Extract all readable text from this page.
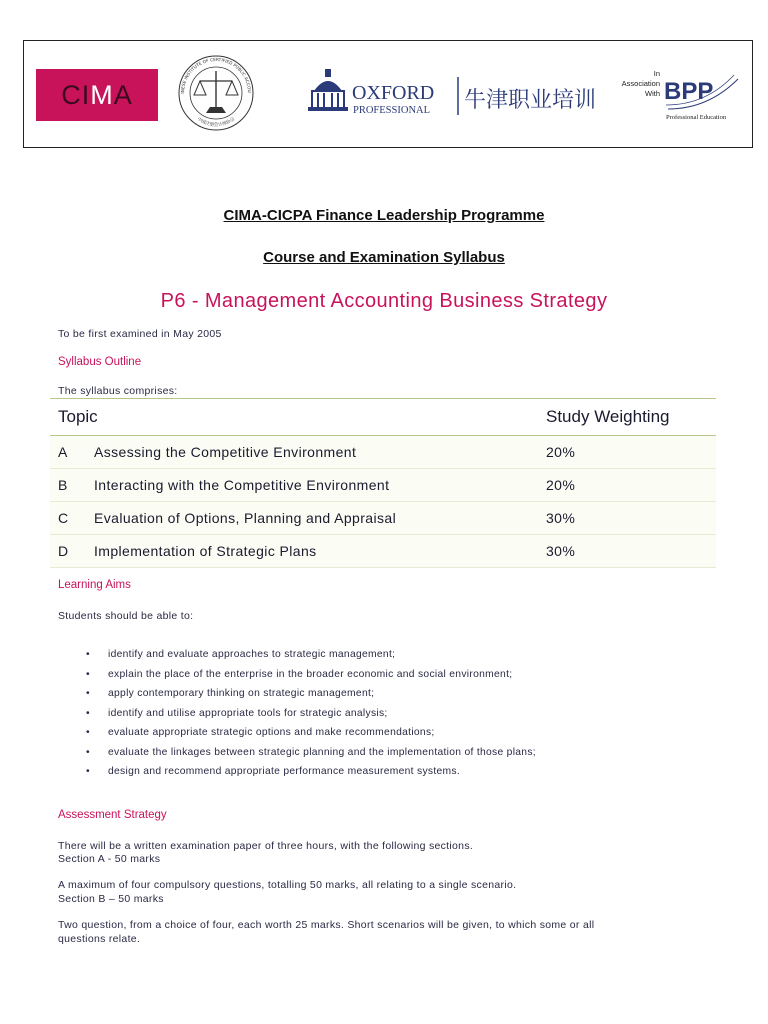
CI M A	INESE INSTITUTE OF CERTIFIED PUBLIC ACCOU
中国注册会计师协会
OXFORD
PROFESSIONAL 牛津职业培训
In
Association
With BPP
Professional Education
CIMA-CICPA Finance Leadership Programme
Course and Examination Syllabus
P6 - Management Accounting Business Strategy
To be first examined in May 2005
Syllabus Outline
The syllabus comprises:
Topic		Study Weighting
A	Assessing the Competitive Environment	20%
B	Interacting with the Competitive Environment	20%
C	Evaluation of Options, Planning and Appraisal	30%
D	Implementation of Strategic Plans	30%
Learning Aims
Students should be able to:
• identify and evaluate approaches to strategic management;
• explain the place of the enterprise in the broader economic and social environment;
• apply contemporary thinking on strategic management;
• identify and utilise appropriate tools for strategic analysis;
• evaluate appropriate strategic options and make recommendations;
• evaluate the linkages between strategic planning and the implementation of those plans;
• design and recommend appropriate performance measurement systems.
Assessment Strategy
There will be a written examination paper of three hours, with the following sections.
Section A - 50 marks
A maximum of four compulsory questions, totalling 50 marks, all relating to a single scenario.
Section B – 50 marks
Two question, from a choice of four, each worth 25 marks. Short scenarios will be given, to which some or all
questions relate.
